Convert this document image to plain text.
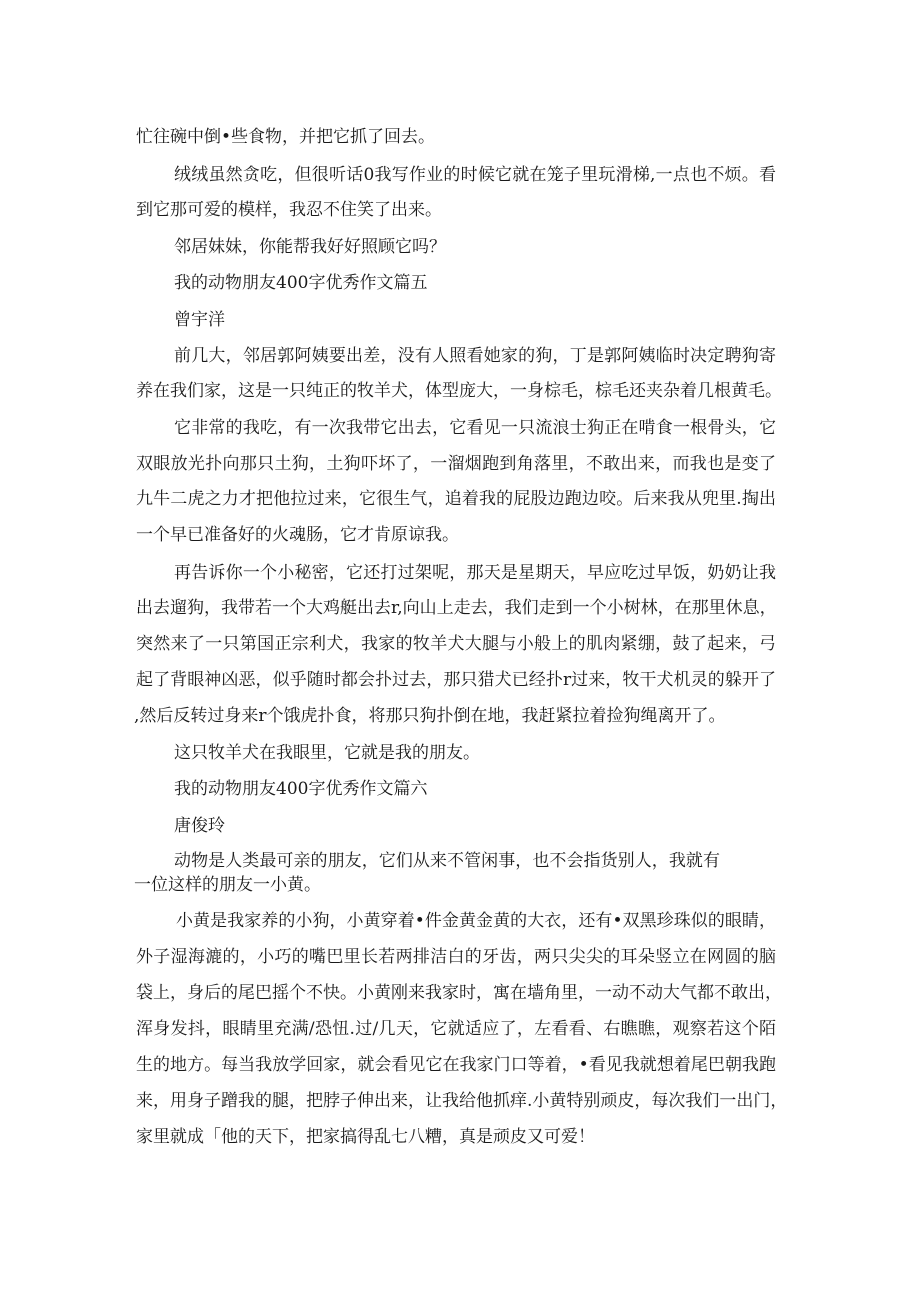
忙往碗中倒•些食物，并把它抓了回去。
绒绒虽然贪吃，但很听话0我写作业的时候它就在笼子里玩滑梯,一点也不烦。看
到它那可爱的模样，我忍不住笑了出来。
邻居妹妹，你能帮我好好照顾它吗？
我的动物朋友400字优秀作文篇五
曾宇洋
前几大，邻居郭阿姨要出差，没有人照看她家的狗，丁是郭阿姨临时决定聘狗寄
养在我们家，这是一只纯正的牧羊犬，体型庞大，一身棕毛，棕毛还夹杂着几根黄毛。
它非常的我吃，有一次我带它出去，它看见一只流浪士狗正在啃食一根骨头，它
双眼放光扑向那只土狗，土狗吓坏了，一溜烟跑到角落里，不敢出来，而我也是变了
九牛二虎之力才把他拉过来，它很生气，追着我的屁股边跑边咬。后来我从兜里.掏出
一个早已准备好的火魂肠，它才肯原谅我。
再告诉你一个小秘密，它还打过架呢，那天是星期天，早应吃过早饭，奶奶让我
出去遛狗，我带若一个大鸡艇出去r,向山上走去，我们走到一个小树林，在那里休息，
突然来了一只第国正宗利犬，我家的牧羊犬大腿与小般上的肌肉紧绷，鼓了起来，弓
起了背眼神凶恶，似乎随时都会扑过去，那只猎犬已经扑r过来，牧干犬机灵的躲开了
,然后反转过身来r个饿虎扑食，将那只狗扑倒在地，我赶紧拉着捡狗绳离开了。
这只牧羊犬在我眼里，它就是我的朋友。
我的动物朋友400字优秀作文篇六
唐俊玲
动物是人类最可亲的朋友，它们从来不管闲事，也不会指货别人，我就有
一位这样的朋友一小黄。
小黄是我家养的小狗，小黄穿着•件金黄金黄的大衣，还有•双黑珍珠似的眼睛，
外子湿海漉的，小巧的嘴巴里长若两排洁白的牙齿，两只尖尖的耳朵竖立在网圆的脑
袋上，身后的尾巴摇个不快。小黄刚来我家时，寓在墙角里，一动不动大气都不敢出，
浑身发抖，眼睛里充满/恐忸.过/几天，它就适应了，左看看、右瞧瞧，观察若这个陌
生的地方。每当我放学回家，就会看见它在我家门口等着，•看见我就想着尾巴朝我跑
来，用身子蹭我的腿，把脖子伸出来，让我给他抓痒.小黄特别顽皮，每次我们一出门，
家里就成「他的天下，把家搞得乱七八糟，真是顽皮又可爱！
